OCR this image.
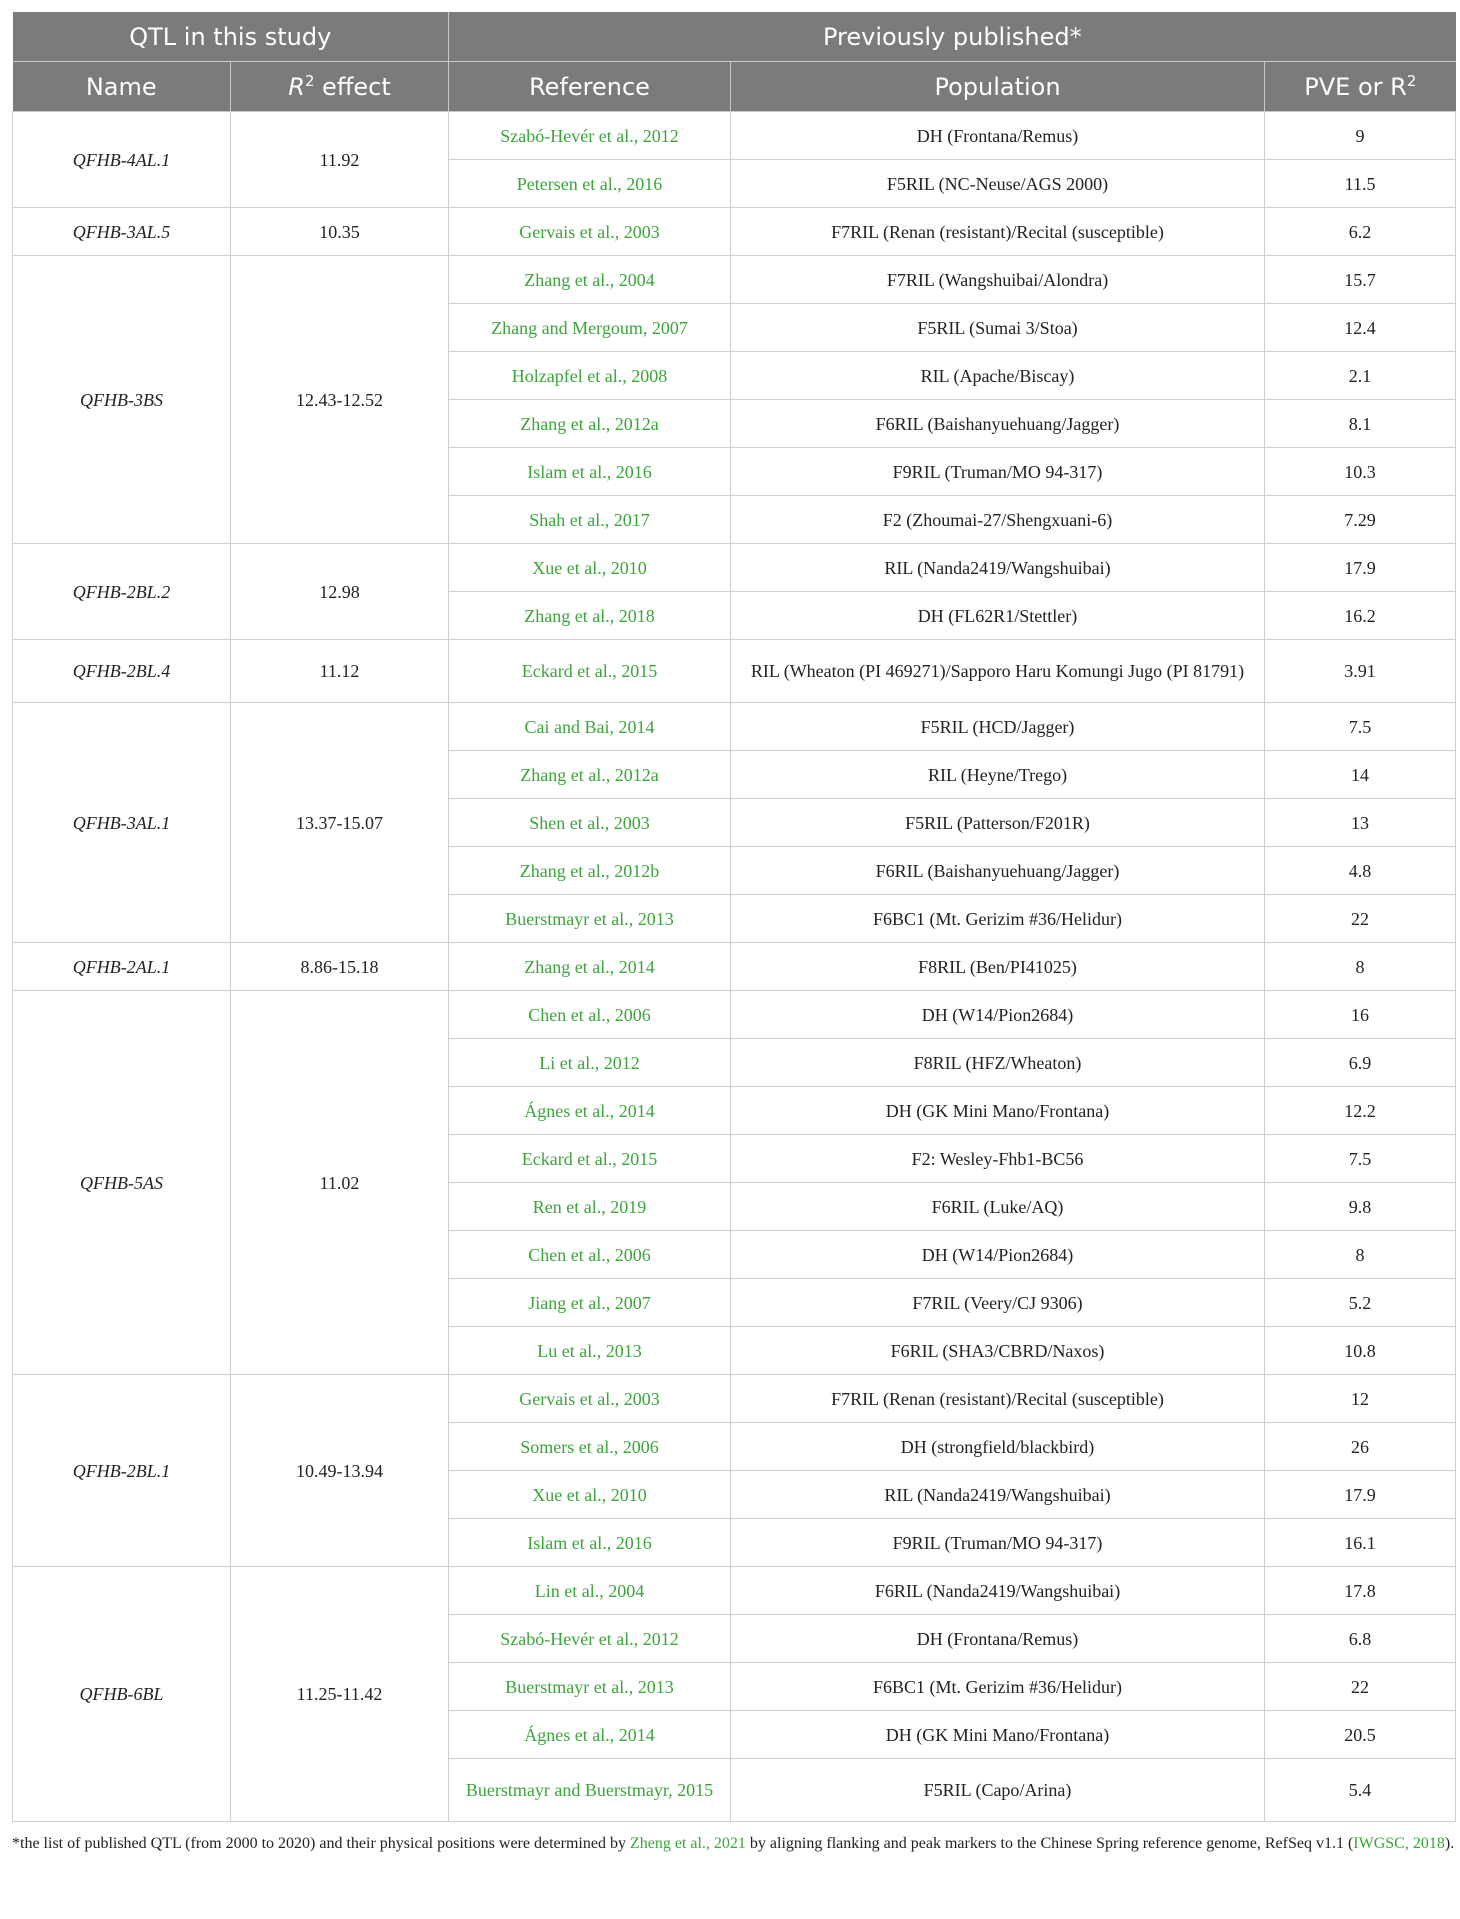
QTL in this study		Previously published*		
Name	$R^2$ effect	Reference	Population	PVE or $R^2$
QFHB-4AL.1	11.92	Szabó-Hevér et al., 2012	DH (Frontana/Remus)	9
		Petersen et al., 2016	F5RIL (NC-Neuse/AGS 2000)	11.5
QFHB-3AL.5	10.35	Gervais et al., 2003	F7RIL (Renan (resistant)/Recital (susceptible)	6.2
QFHB-3BS	12.43-12.52	Zhang et al., 2004	F7RIL (Wangshuibai/Alondra)	15.7
		Zhang and Mergoum, 2007	F5RIL (Sumai 3/Stoa)	12.4
		Holzapfel et al., 2008	RIL (Apache/Biscay)	2.1
		Zhang et al., 2012a	F6RIL (Baishanyuehuang/Jagger)	8.1
		Islam et al., 2016	F9RIL (Truman/MO 94-317)	10.3
		Shah et al., 2017	F2 (Zhoumai-27/Shengxuani-6)	7.29
QFHB-2BL.2	12.98	Xue et al., 2010	RIL (Nanda2419/Wangshuibai)	17.9
		Zhang et al., 2018	DH (FL62R1/Stettler)	16.2
QFHB-2BL.4	11.12	Eckard et al., 2015	RIL (Wheaton (PI 469271)/Sapporo Haru Komungi Jugo (PI 81791)	3.91
QFHB-3AL.1	13.37-15.07	Cai and Bai, 2014	F5RIL (HCD/Jagger)	7.5
		Zhang et al., 2012a	RIL (Heyne/Trego)	14
		Shen et al., 2003	F5RIL (Patterson/F201R)	13
		Zhang et al., 2012b	F6RIL (Baishanyuehuang/Jagger)	4.8
		Buerstmayr et al., 2013	F6BC1 (Mt. Gerizim #36/Helidur)	22
QFHB-2AL.1	8.86-15.18	Zhang et al., 2014	F8RIL (Ben/PI41025)	8
QFHB-5AS	11.02	Chen et al., 2006	DH (W14/Pion2684)	16
		Li et al., 2012	F8RIL (HFZ/Wheaton)	6.9
		Ágnes et al., 2014	DH (GK Mini Mano/Frontana)	12.2
		Eckard et al., 2015	F2: Wesley-Fhb1-BC56	7.5
		Ren et al., 2019	F6RIL (Luke/AQ)	9.8
		Chen et al., 2006	DH (W14/Pion2684)	8
		Jiang et al., 2007	F7RIL (Veery/CJ 9306)	5.2
		Lu et al., 2013	F6RIL (SHA3/CBRD/Naxos)	10.8
QFHB-2BL.1	10.49-13.94	Gervais et al., 2003	F7RIL (Renan (resistant)/Recital (susceptible)	12
		Somers et al., 2006	DH (strongfield/blackbird)	26
		Xue et al., 2010	RIL (Nanda2419/Wangshuibai)	17.9
		Islam et al., 2016	F9RIL (Truman/MO 94-317)	16.1
QFHB-6BL	11.25-11.42	Lin et al., 2004	F6RIL (Nanda2419/Wangshuibai)	17.8
		Szabó-Hevér et al., 2012	DH (Frontana/Remus)	6.8
		Buerstmayr et al., 2013	F6BC1 (Mt. Gerizim #36/Helidur)	22
		Ágnes et al., 2014	DH (GK Mini Mano/Frontana)	20.5
		Buerstmayr and Buerstmayr, 2015	F5RIL (Capo/Arina)	5.4
*the list of published QTL (from 2000 to 2020) and their physical positions were determined by Zheng et al., 2021 by aligning flanking and peak markers to the Chinese Spring reference genome, RefSeq v1.1 (IWGSC, 2018).
